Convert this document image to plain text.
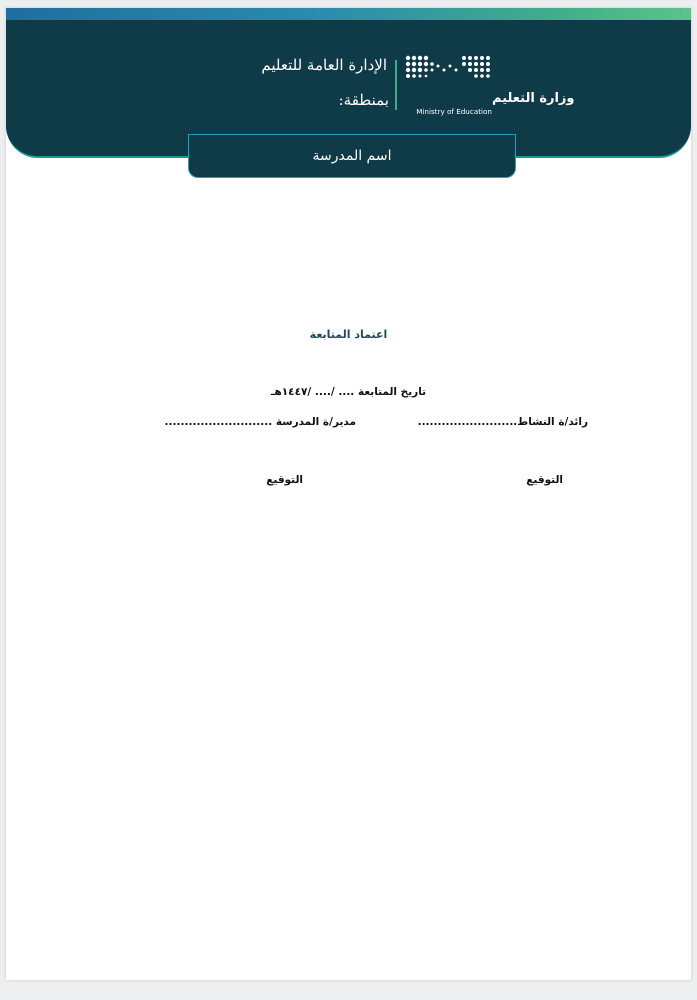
وزارة التعليم
Ministry of Education
الإدارة العامة للتعليم
بمنطقة:
اسم المدرسة
اعتماد المتابعة
تاريخ المتابعة .... /.... /١٤٤٧هـ
رائد/ة النشاط.........................
مدير/ة المدرسة ...........................
التوقيع
التوقيع
